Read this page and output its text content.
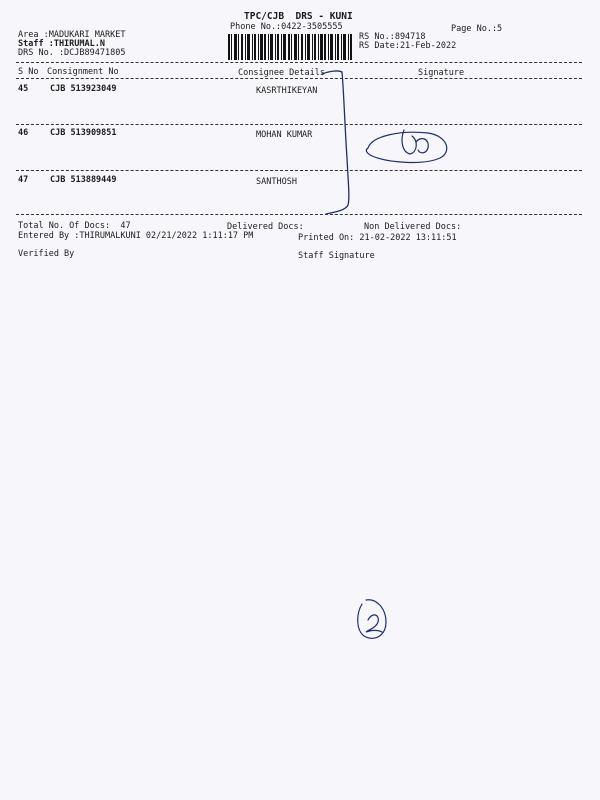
TPC/CJB  DRS - KUNI
Phone No.:0422-3505555	Page No.:5
Area :MADUKARI MARKET
Staff :THIRUMAL.N
DRS No. :DCJB89471805
RS No.:894718
RS Date:21-Feb-2022
S No Consignment No	Consignee Details	Signature
45	CJB 513923049	KASRTHIKEYAN
46	CJB 513909851	MOHAN KUMAR
47	CJB 513889449	SANTHOSH
Total No. Of Docs:  47	Delivered Docs:	Non Delivered Docs:
Entered By :THIRUMALKUNI 02/21/2022 1:11:17 PM	Printed On: 21-02-2022 13:11:51
Verified By	Staff Signature
